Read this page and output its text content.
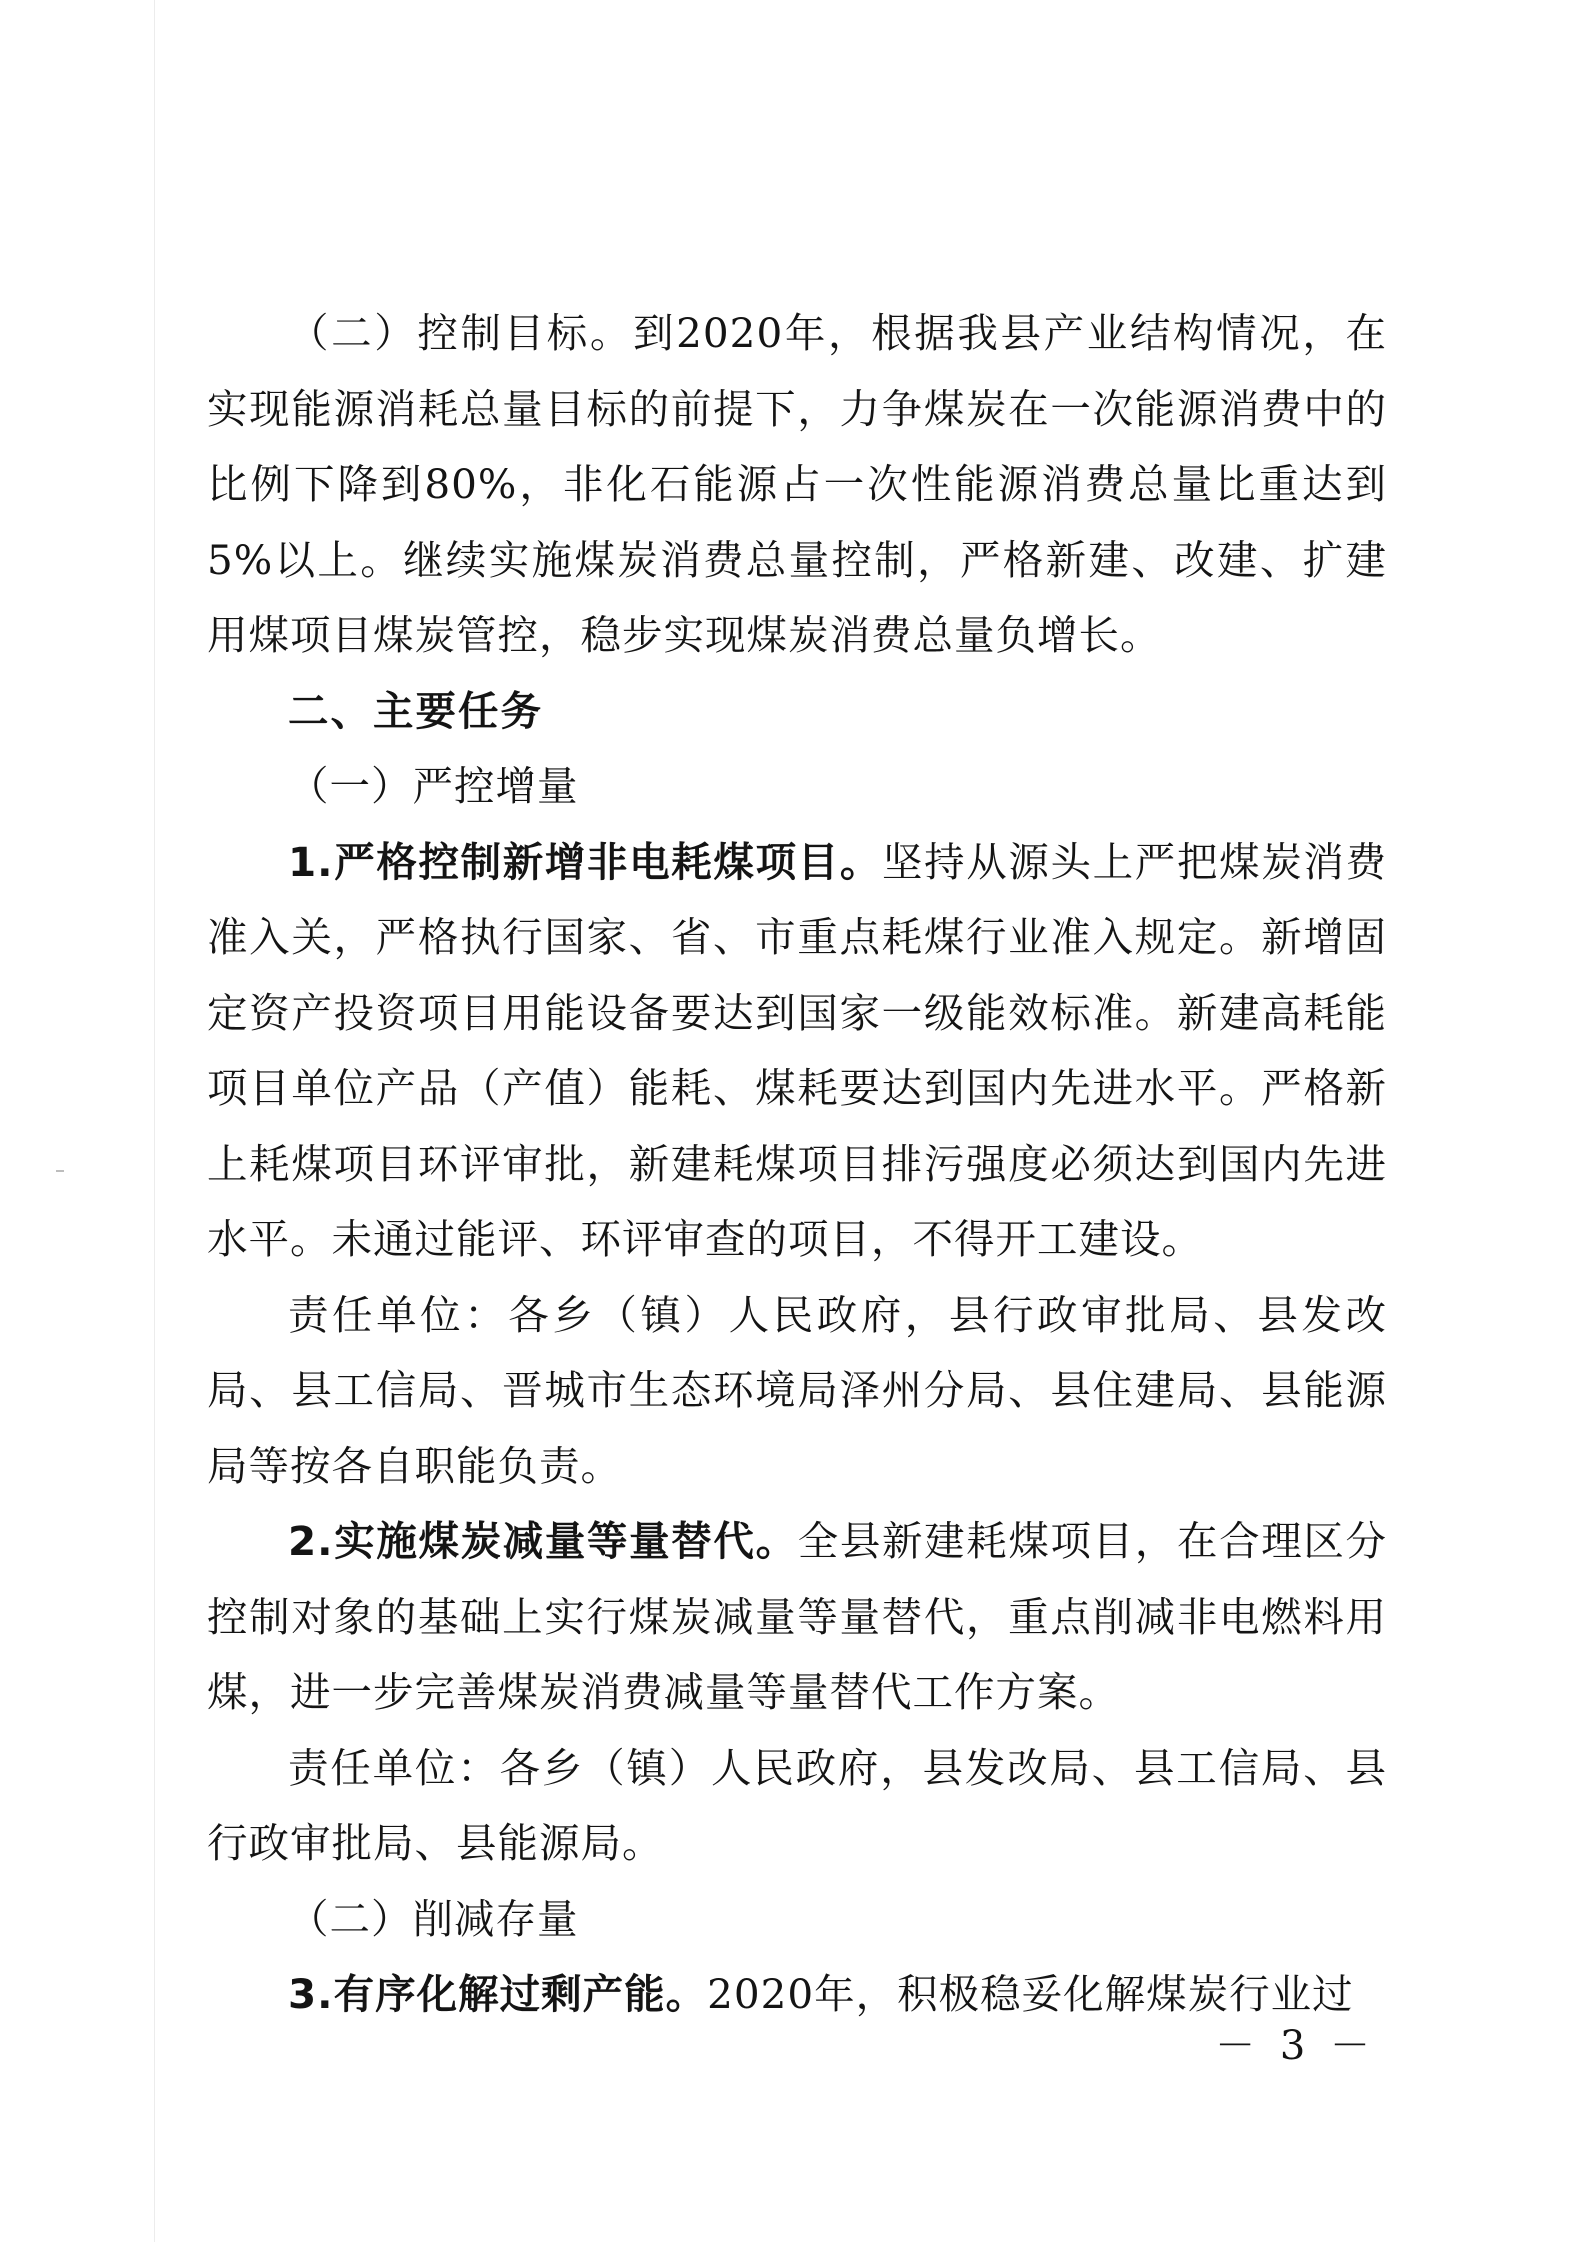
（二）控制目标。到2020年，根据我县产业结构情况，在实现能源消耗总量目标的前提下，力争煤炭在一次能源消费中的比例下降到80%，非化石能源占一次性能源消费总量比重达到5%以上。继续实施煤炭消费总量控制，严格新建、改建、扩建用煤项目煤炭管控，稳步实现煤炭消费总量负增长。

二、主要任务

（一）严控增量

1.严格控制新增非电耗煤项目。坚持从源头上严把煤炭消费准入关，严格执行国家、省、市重点耗煤行业准入规定。新增固定资产投资项目用能设备要达到国家一级能效标准。新建高耗能项目单位产品（产值）能耗、煤耗要达到国内先进水平。严格新上耗煤项目环评审批，新建耗煤项目排污强度必须达到国内先进水平。未通过能评、环评审查的项目，不得开工建设。

责任单位：各乡（镇）人民政府，县行政审批局、县发改局、县工信局、晋城市生态环境局泽州分局、县住建局、县能源局等按各自职能负责。

2.实施煤炭减量等量替代。全县新建耗煤项目，在合理区分控制对象的基础上实行煤炭减量等量替代，重点削减非电燃料用煤，进一步完善煤炭消费减量等量替代工作方案。

责任单位：各乡（镇）人民政府，县发改局、县工信局、县行政审批局、县能源局。

（二）削减存量

3.有序化解过剩产能。2020年，积极稳妥化解煤炭行业过

－ 3 －
